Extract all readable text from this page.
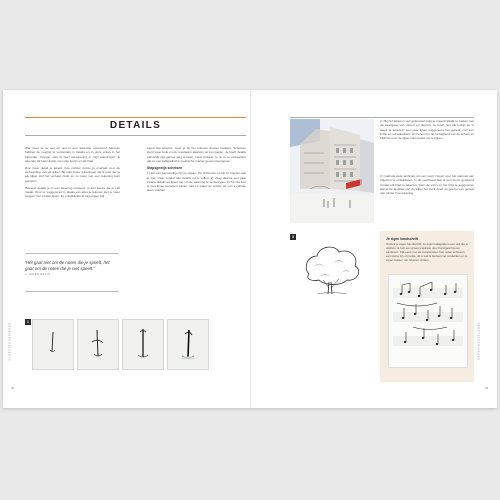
DETAILS

Wat moet je nu wel en niet in een tekening opnemen? Mensen hebben de neiging te verzanden in details en in deze vraag in het bijzonder. Vroeger was ik heel nauwkeurig in mijn tekeningen; ik tekende elk klein detail, met elke kozijn en elk blad.

Hoe meer detail je tekent, hoe minder ruimte je overlaat voor de verbeelding van de kijker. Bij mijn losse tekeningen wil ik juist dat je als kijker zelf het verhaal invult en zo meer van een tekening kunt genieten.

Hoeveel details je in een tekening opneemt, is een keuze die je zelf maakt. Door te 'suggereren' in plaats van alles te tekenen kun je meer zeggen met minder lijnen. Zo ontwikkelde ik mijn eigen stijl.

eigen stijl omarmt, moet je bij het tekenen durven loslaten. Schetsen werd weer leuk en de resultaten daarvan op het papier. Je hoeft details natuurlijk niet geheel weg te laten, maar probeer ze nu zo te verbeelden dat ze een kalligrafische, poëtische manier gevoel weergeven.

Stapsgewijs schetsen

1) Zet een eenvoudige lijn op papier. Op richtsnoer en lijn zo houden wat je ziet, maar zonder alle details op te vullen. 2) Voeg daarna een paar zwarte details en lijnen toe om de tekening te verstevigen. 3) Tot slot kun je met losse accenten papier, inkt en water de schets tot een symfonie laten smelten.

'Het gaat niet om de noten die je speelt, het gaat om de noten die je niet speelt.'
— MILES DAVIS
1
SCHETSTECHNIEKEN
40
2 | Bij het tekenen van gebouwen krijg je onvermijdelijk te maken met de weergave van ramen en deuren. Je hoeft niet elk kozijn tot in detail te tekenen: een paar lijnen suggereren het geheel, met een lichte en schaduwkant. Zo behoud je de luchtigheid van de schets en blijft het voor de kijker interessant om te kijken.
3 | Gebruik deze techniek om een soort 'nieuw' voor het tekenen van objecten te ontwikkelen. In dit voorbeeld heb ik een boom getekend zonder elk blad te tekenen. Door de vorm en het licht te suggereren laat je de fantasie van de kijker het werk doen en geef je een gevoel van ruimte in je tekening.
3	Je eigen handschrift
Ontdek je eigen handschrift. Je eigen kalligrafie is een stijl die je uitdrukt. Ik heb een groep inspiratie door handgeschreven partituren. Kijk eens hoe de componisten hun noten schreven, een kleine lijn of puntje, dit is wat ik bedoel met ontdekken en je eigen manier van tekenen vinden.
SCHETSTECHNIEKEN
41
